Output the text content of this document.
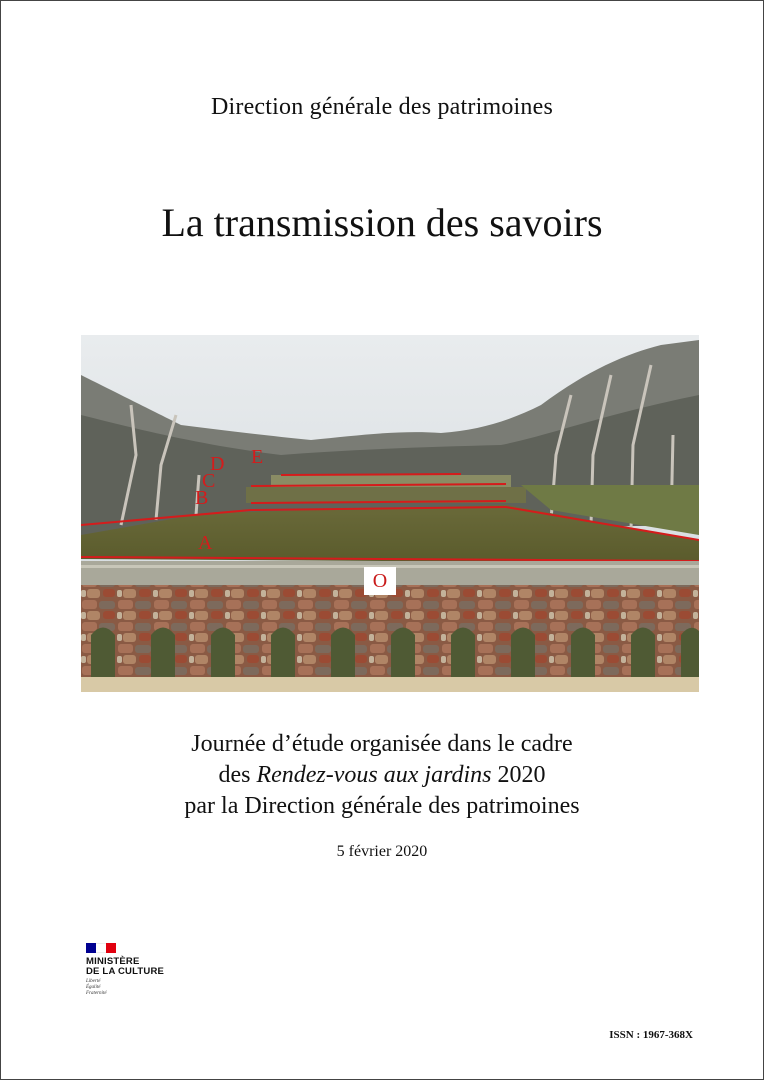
Direction générale des patrimoines
La transmission des savoirs
A
B
C
D E
O
Journée d’étude organisée dans le cadre
des Rendez-vous aux jardins 2020
par la Direction générale des patrimoines
5 février 2020
MINISTÈRE
DE LA CULTURE
Liberté
Égalité
Fraternité
ISSN : 1967-368X
